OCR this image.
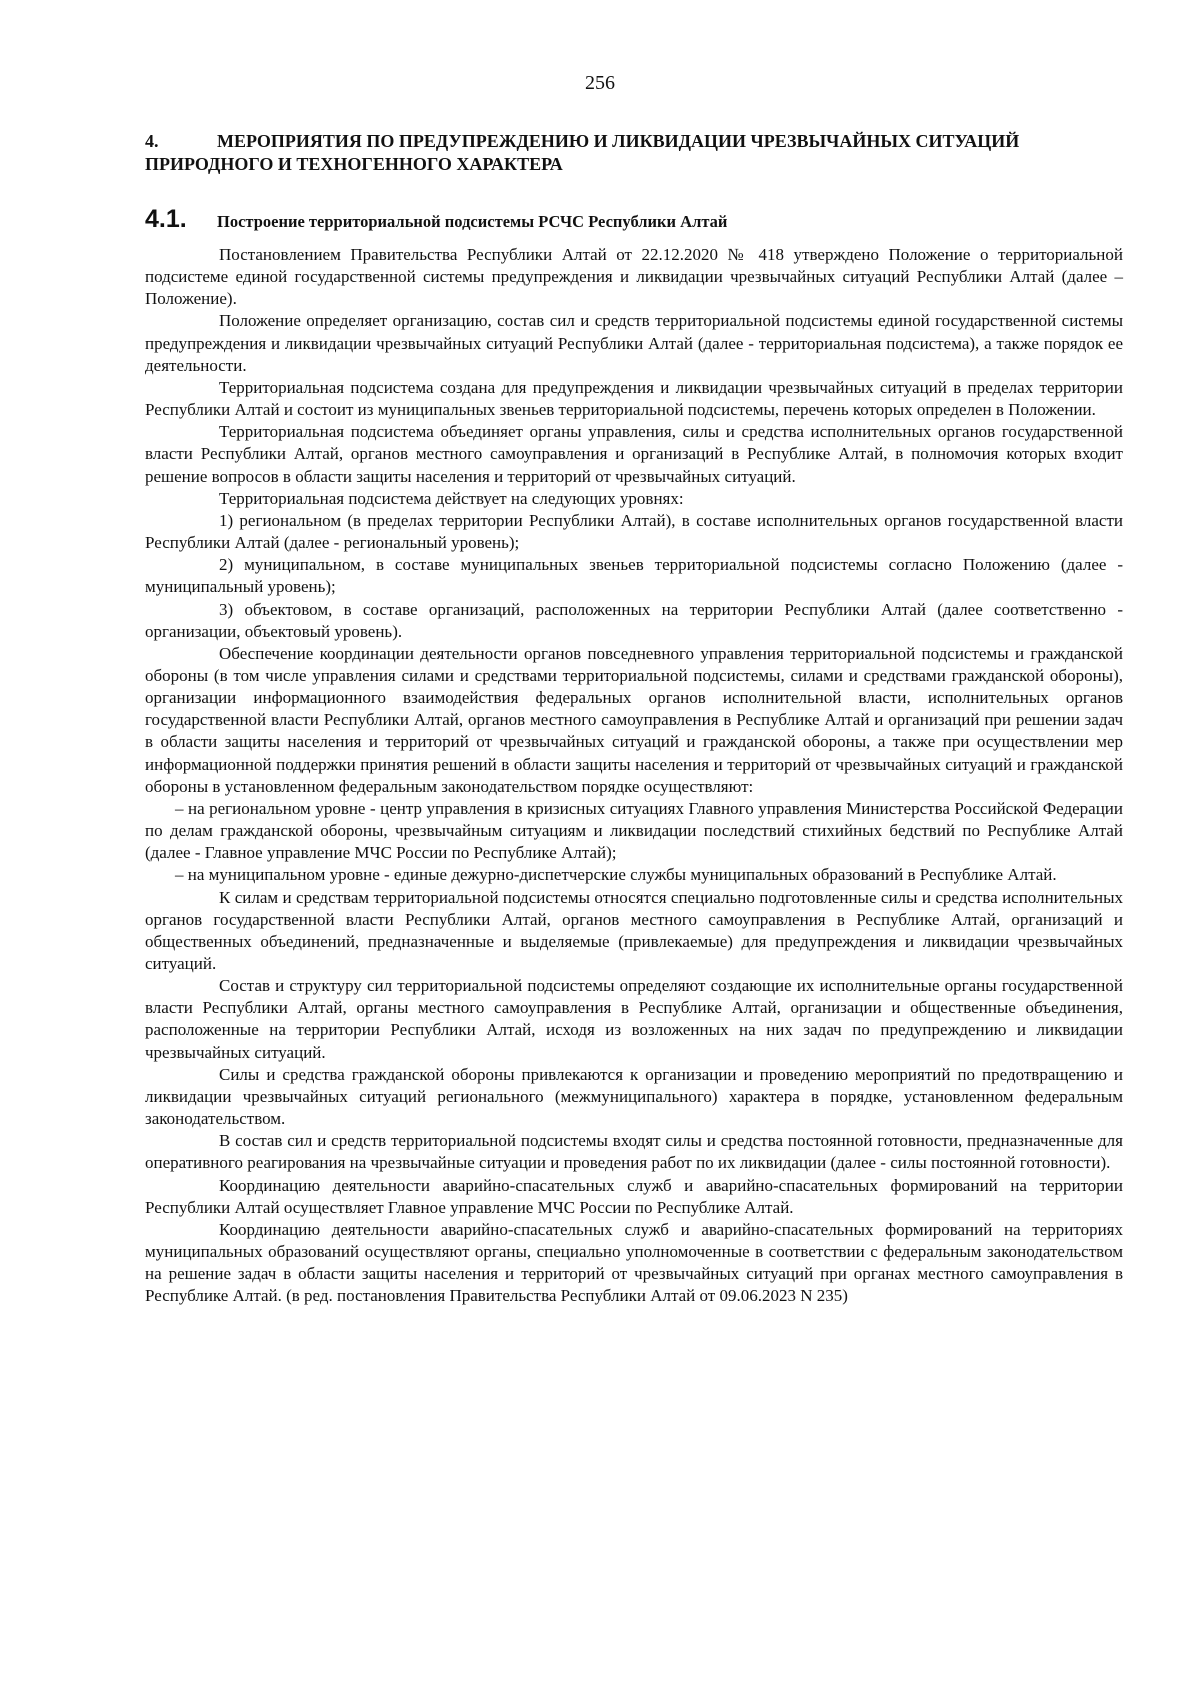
256
4.	МЕРОПРИЯТИЯ ПО ПРЕДУПРЕЖДЕНИЮ И ЛИКВИДАЦИИ ЧРЕЗВЫЧАЙНЫХ СИТУАЦИЙ ПРИРОДНОГО И ТЕХНОГЕННОГО ХАРАКТЕРА
4.1.	Построение территориальной подсистемы РСЧС Республики Алтай

Постановлением Правительства Республики Алтай от 22.12.2020 № 418 утверждено Положение о территориальной подсистеме единой государственной системы предупреждения и ликвидации чрезвычайных ситуаций Республики Алтай (далее – Положение).

Положение определяет организацию, состав сил и средств территориальной подсистемы единой государственной системы предупреждения и ликвидации чрезвычайных ситуаций Республики Алтай (далее - территориальная подсистема), а также порядок ее деятельности.

Территориальная подсистема создана для предупреждения и ликвидации чрезвычайных ситуаций в пределах территории Республики Алтай и состоит из муниципальных звеньев территориальной подсистемы, перечень которых определен в Положении.

Территориальная подсистема объединяет органы управления, силы и средства исполнительных органов государственной власти Республики Алтай, органов местного самоуправления и организаций в Республике Алтай, в полномочия которых входит решение вопросов в области защиты населения и территорий от чрезвычайных ситуаций.

Территориальная подсистема действует на следующих уровнях:

1) региональном (в пределах территории Республики Алтай), в составе исполнительных органов государственной власти Республики Алтай (далее - региональный уровень);

2) муниципальном, в составе муниципальных звеньев территориальной подсистемы согласно Положению (далее - муниципальный уровень);

3) объектовом, в составе организаций, расположенных на территории Республики Алтай (далее соответственно - организации, объектовый уровень).

Обеспечение координации деятельности органов повседневного управления территориальной подсистемы и гражданской обороны (в том числе управления силами и средствами территориальной подсистемы, силами и средствами гражданской обороны), организации информационного взаимодействия федеральных органов исполнительной власти, исполнительных органов государственной власти Республики Алтай, органов местного самоуправления в Республике Алтай и организаций при решении задач в области защиты населения и территорий от чрезвычайных ситуаций и гражданской обороны, а также при осуществлении мер информационной поддержки принятия решений в области защиты населения и территорий от чрезвычайных ситуаций и гражданской обороны в установленном федеральным законодательством порядке осуществляют:

– на региональном уровне - центр управления в кризисных ситуациях Главного управления Министерства Российской Федерации по делам гражданской обороны, чрезвычайным ситуациям и ликвидации последствий стихийных бедствий по Республике Алтай (далее - Главное управление МЧС России по Республике Алтай);

– на муниципальном уровне - единые дежурно-диспетчерские службы муниципальных образований в Республике Алтай.

К силам и средствам территориальной подсистемы относятся специально подготовленные силы и средства исполнительных органов государственной власти Республики Алтай, органов местного самоуправления в Республике Алтай, организаций и общественных объединений, предназначенные и выделяемые (привлекаемые) для предупреждения и ликвидации чрезвычайных ситуаций.

Состав и структуру сил территориальной подсистемы определяют создающие их исполнительные органы государственной власти Республики Алтай, органы местного самоуправления в Республике Алтай, организации и общественные объединения, расположенные на территории Республики Алтай, исходя из возложенных на них задач по предупреждению и ликвидации чрезвычайных ситуаций.

Силы и средства гражданской обороны привлекаются к организации и проведению мероприятий по предотвращению и ликвидации чрезвычайных ситуаций регионального (межмуниципального) характера в порядке, установленном федеральным законодательством.

В состав сил и средств территориальной подсистемы входят силы и средства постоянной готовности, предназначенные для оперативного реагирования на чрезвычайные ситуации и проведения работ по их ликвидации (далее - силы постоянной готовности).

Координацию деятельности аварийно-спасательных служб и аварийно-спасательных формирований на территории Республики Алтай осуществляет Главное управление МЧС России по Республике Алтай.

Координацию деятельности аварийно-спасательных служб и аварийно-спасательных формирований на территориях муниципальных образований осуществляют органы, специально уполномоченные в соответствии с федеральным законодательством на решение задач в области защиты населения и территорий от чрезвычайных ситуаций при органах местного самоуправления в Республике Алтай. (в ред. постановления Правительства Республики Алтай от 09.06.2023 N 235)
